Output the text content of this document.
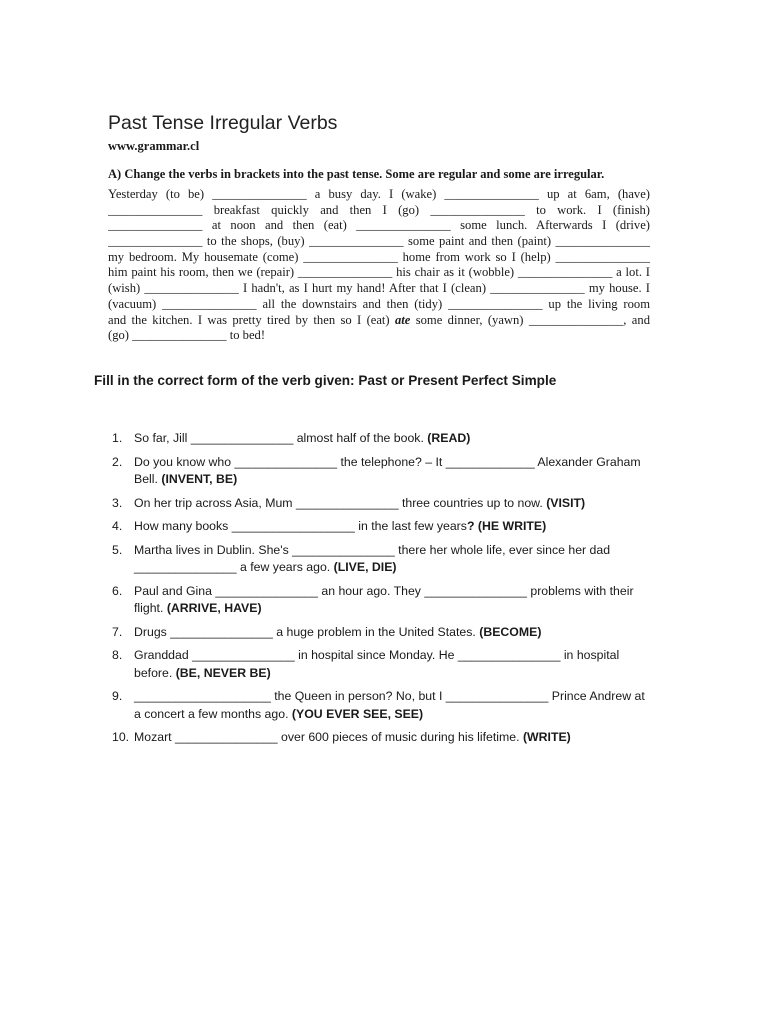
Past Tense Irregular Verbs
www.grammar.cl
A) Change the verbs in brackets into the past tense. Some are regular and some are irregular.
Yesterday (to be) _______________ a busy day. I (wake) _______________ up at 6am, (have)
_______________ breakfast quickly and then I (go) _______________ to work. I (finish)
_______________ at noon and then (eat) _______________ some lunch. Afterwards I (drive)
_______________ to the shops, (buy) _______________ some paint and then (paint) _______________
my bedroom. My housemate (come) _______________ home from work so I (help) _______________
him paint his room, then we (repair) _______________ his chair as it (wobble) _______________ a lot. I
(wish) _______________ I hadn't, as I hurt my hand! After that I (clean) _______________ my house. I
(vacuum) _______________ all the downstairs and then (tidy) _______________ up the living room
and the kitchen. I was pretty tired by then so I (eat) ate some dinner, (yawn) _______________, and
(go) _______________ to bed!
Fill in the correct form of the verb given: Past or Present Perfect Simple
1. So far, Jill _______________ almost half of the book. (READ)
2. Do you know who _______________ the telephone? – It _____________ Alexander Graham
Bell. (INVENT, BE)
3. On her trip across Asia, Mum _______________ three countries up to now. (VISIT)
4. How many books __________________ in the last few years? (HE WRITE)
5. Martha lives in Dublin. She's _______________ there her whole life, ever since her dad
_______________ a few years ago. (LIVE, DIE)
6. Paul and Gina _______________ an hour ago. They _______________ problems with their
flight. (ARRIVE, HAVE)
7. Drugs _______________ a huge problem in the United States. (BECOME)
8. Granddad _______________ in hospital since Monday. He _______________ in hospital
before. (BE, NEVER BE)
9. ____________________ the Queen in person? No, but I _______________ Prince Andrew at
a concert a few months ago. (YOU EVER SEE, SEE)
10. Mozart _______________ over 600 pieces of music during his lifetime. (WRITE)
